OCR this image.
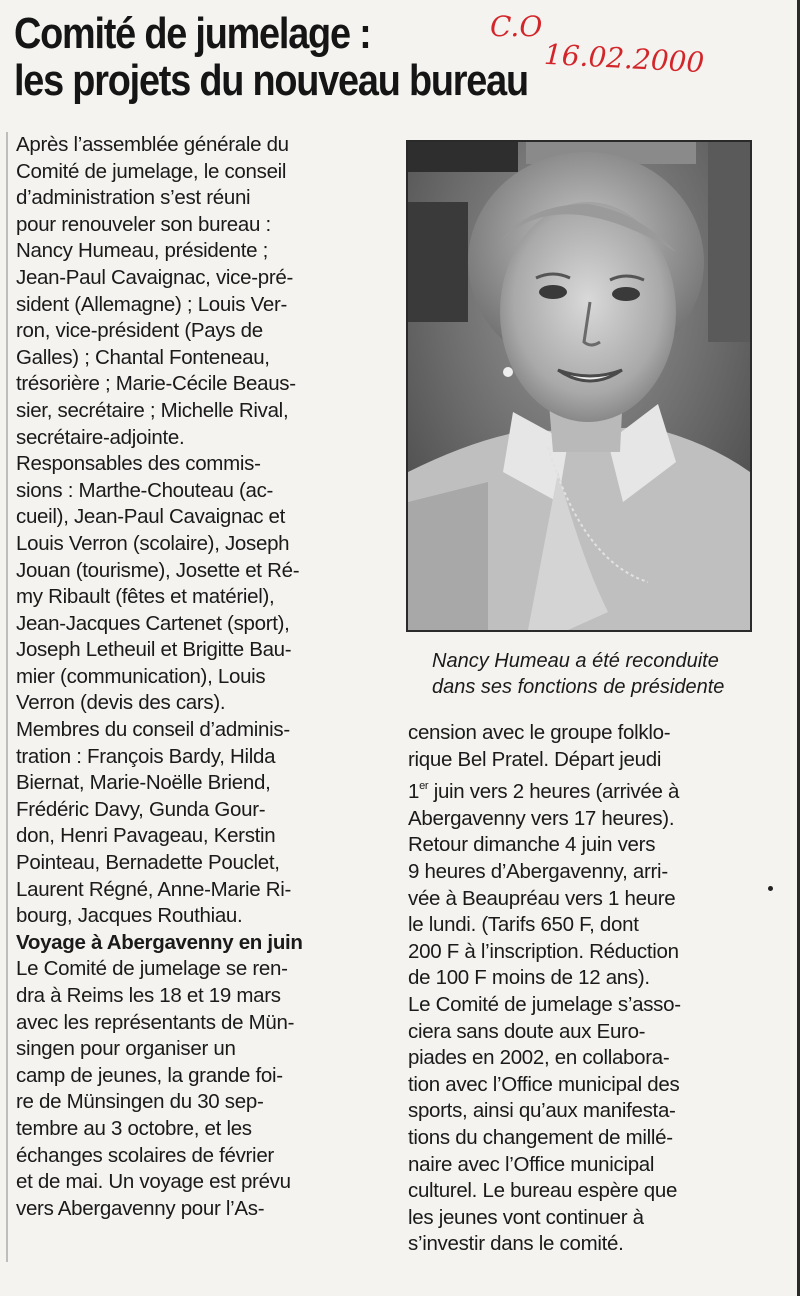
Comité de jumelage :
les projets du nouveau bureau
C.O
16.02.2000

Après l’assemblée générale du

Comité de jumelage, le conseil

d’administration s’est réuni

pour renouveler son bureau :

Nancy Humeau, présidente ;

Jean-Paul Cavaignac, vice-pré-

sident (Allemagne) ; Louis Ver-

ron, vice-président (Pays de

Galles) ; Chantal Fonteneau,

trésorière ; Marie-Cécile Beaus-

sier, secrétaire ; Michelle Rival,

secrétaire-adjointe.

Responsables des commis-

sions : Marthe-Chouteau (ac-

cueil), Jean-Paul Cavaignac et

Louis Verron (scolaire), Joseph

Jouan (tourisme), Josette et Ré-

my Ribault (fêtes et matériel),

Jean-Jacques Cartenet (sport),

Joseph Letheuil et Brigitte Bau-

mier (communication), Louis

Verron (devis des cars).

Membres du conseil d’adminis-

tration : François Bardy, Hilda

Biernat, Marie-Noëlle Briend,

Frédéric Davy, Gunda Gour-

don, Henri Pavageau, Kerstin

Pointeau, Bernadette Pouclet,

Laurent Régné, Anne-Marie Ri-

bourg, Jacques Routhiau.

Voyage à Abergavenny en juin

Le Comité de jumelage se ren-

dra à Reims les 18 et 19 mars

avec les représentants de Mün-

singen pour organiser un

camp de jeunes, la grande foi-

re de Münsingen du 30 sep-

tembre au 3 octobre, et les

échanges scolaires de février

et de mai. Un voyage est prévu

vers Abergavenny pour l’As-

Nancy Humeau a été reconduite

dans ses fonctions de présidente

cension avec le groupe folklo-

rique Bel Pratel. Départ jeudi

1er juin vers 2 heures (arrivée à

Abergavenny vers 17 heures).

Retour dimanche 4 juin vers

9 heures d’Abergavenny, arri-

vée à Beaupréau vers 1 heure

le lundi. (Tarifs 650 F, dont

200 F à l’inscription. Réduction

de 100 F moins de 12 ans).

Le Comité de jumelage s’asso-

ciera sans doute aux Euro-

piades en 2002, en collabora-

tion avec l’Office municipal des

sports, ainsi qu’aux manifesta-

tions du changement de millé-

naire avec l’Office municipal

culturel. Le bureau espère que

les jeunes vont continuer à

s’investir dans le comité.
